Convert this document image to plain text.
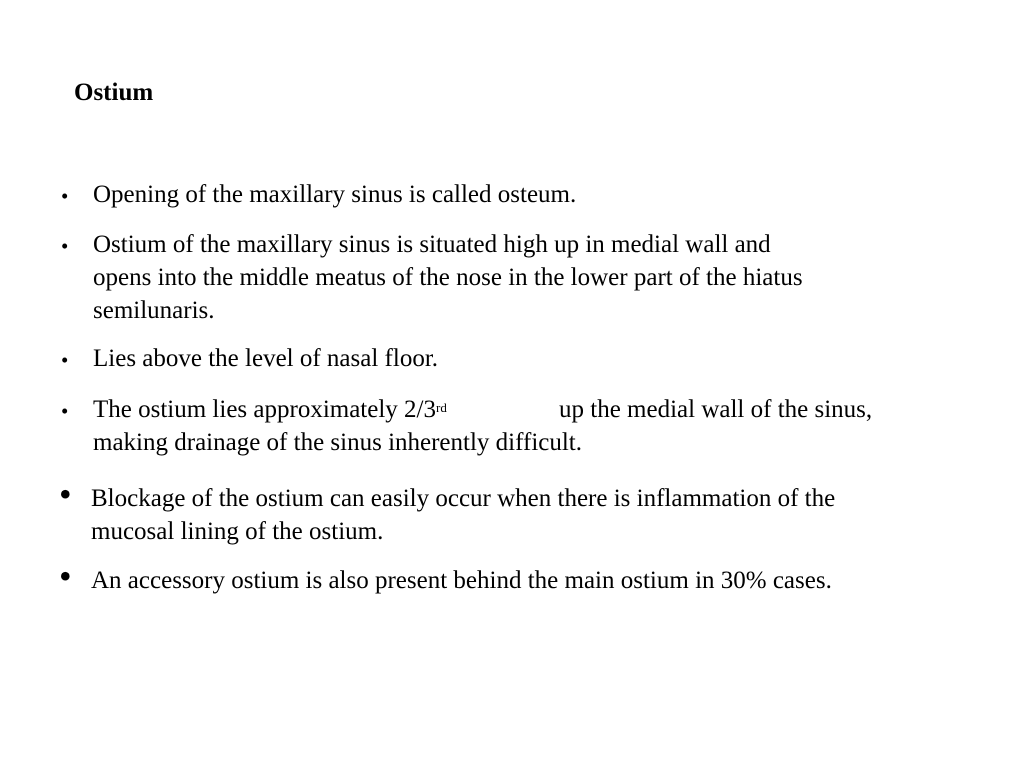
Ostium
• Opening of the maxillary sinus is called osteum.
• Ostium of the maxillary sinus is situated high up in medial wall and
opens into the middle meatus of the nose in the lower part of the hiatus
semilunaris.
• Lies above the level of nasal floor.
• The ostium lies approximately 2/3rd	up the medial wall of the sinus,
making drainage of the sinus inherently difficult.
• Blockage of the ostium can easily occur when there is inflammation of the
mucosal lining of the ostium.
• An accessory ostium is also present behind the main ostium in 30% cases.
